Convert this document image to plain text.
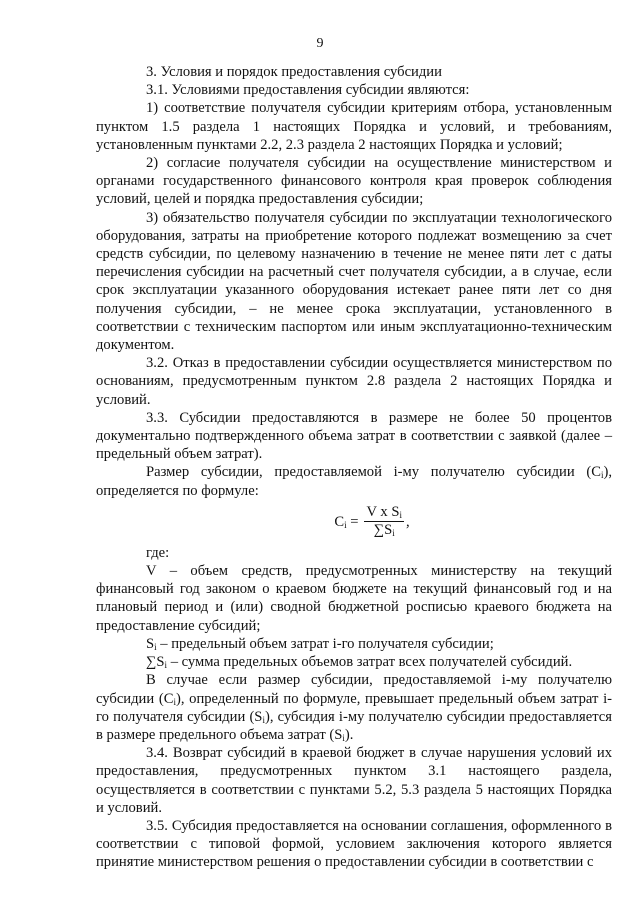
9

3. Условия и порядок предоставления субсидии

3.1. Условиями предоставления субсидии являются:

1) соответствие получателя субсидии критериям отбора, установленным пунктом 1.5 раздела 1 настоящих Порядка и условий, и требованиям, установленным пунктами 2.2, 2.3 раздела 2 настоящих Порядка и условий;

2) согласие получателя субсидии на осуществление министерством и органами государственного финансового контроля края проверок соблюдения условий, целей и порядка предоставления субсидии;

3) обязательство получателя субсидии по эксплуатации технологического оборудования, затраты на приобретение которого подлежат возмещению за счет средств субсидии, по целевому назначению в течение не менее пяти лет с даты перечисления субсидии на расчетный счет получателя субсидии, а в случае, если срок эксплуатации указанного оборудования истекает ранее пяти лет со дня получения субсидии, – не менее срока эксплуатации, установленного в соответствии с техническим паспортом или иным эксплуатационно-техническим документом.

3.2. Отказ в предоставлении субсидии осуществляется министерством по основаниям, предусмотренным пунктом 2.8 раздела 2 настоящих Порядка и условий.

3.3. Субсидии предоставляются в размере не более 50 процентов документально подтвержденного объема затрат в соответствии с заявкой (далее – предельный объем затрат).

Размер субсидии, предоставляемой i-му получателю субсидии $(C_i)$, определяется по формуле:

$C_i = \frac{V x S_i}{\sum S_i}$ ,

где:

V – объем средств, предусмотренных министерству на текущий финансовый год законом о краевом бюджете на текущий финансовый год и на плановый период и (или) сводной бюджетной росписью краевого бюджета на предоставление субсидий;

$S_i$ – предельный объем затрат i-го получателя субсидии;

$\sum S_i$ – сумма предельных объемов затрат всех получателей субсидий.

В случае если размер субсидии, предоставляемой i-му получателю субсидии $(C_i)$, определенный по формуле, превышает предельный объем затрат i-го получателя субсидии $(S_i)$, субсидия i-му получателю субсидии предоставляется в размере предельного объема затрат $(S_i)$.

3.4. Возврат субсидий в краевой бюджет в случае нарушения условий их предоставления, предусмотренных пунктом 3.1 настоящего раздела, осуществляется в соответствии с пунктами 5.2, 5.3 раздела 5 настоящих Порядка и условий.

3.5. Субсидия предоставляется на основании соглашения, оформленного в соответствии с типовой формой, условием заключения которого является принятие министерством решения о предоставлении субсидии в соответствии с
